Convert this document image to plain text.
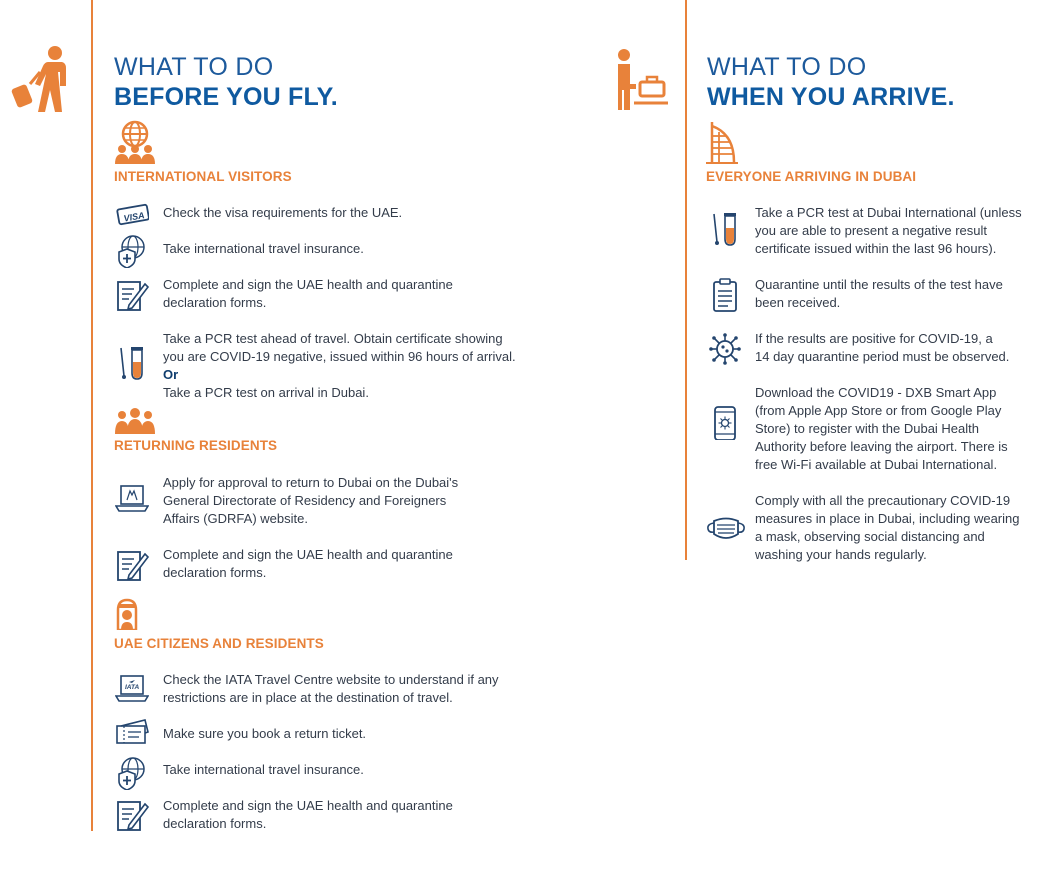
WHAT TO DO
BEFORE YOU FLY.
INTERNATIONAL VISITORS
VISA Check the visa requirements for the UAE.
Take international travel insurance.
Complete and sign the UAE health and quarantine
declaration forms.
Take a PCR test ahead of travel. Obtain certificate showing
you are COVID-19 negative, issued within 96 hours of arrival.
Or
Take a PCR test on arrival in Dubai.
RETURNING RESIDENTS
Apply for approval to return to Dubai on the Dubai's
General Directorate of Residency and Foreigners
Affairs (GDRFA) website.
Complete and sign the UAE health and quarantine
declaration forms.
UAE CITIZENS AND RESIDENTS
IATA
Check the IATA Travel Centre website to understand if any
restrictions are in place at the destination of travel.
Make sure you book a return ticket.
Take international travel insurance.
Complete and sign the UAE health and quarantine
declaration forms.
WHAT TO DO
WHEN YOU ARRIVE.
EVERYONE ARRIVING IN DUBAI
Take a PCR test at Dubai International (unless
you are able to present a negative result
certificate issued within the last 96 hours).
Quarantine until the results of the test have
been received.
If the results are positive for COVID-19, a
14 day quarantine period must be observed.
Download the COVID19 - DXB Smart App
(from Apple App Store or from Google Play
Store) to register with the Dubai Health
Authority before leaving the airport. There is
free Wi-Fi available at Dubai International.
Comply with all the precautionary COVID-19
measures in place in Dubai, including wearing
a mask, observing social distancing and
washing your hands regularly.
